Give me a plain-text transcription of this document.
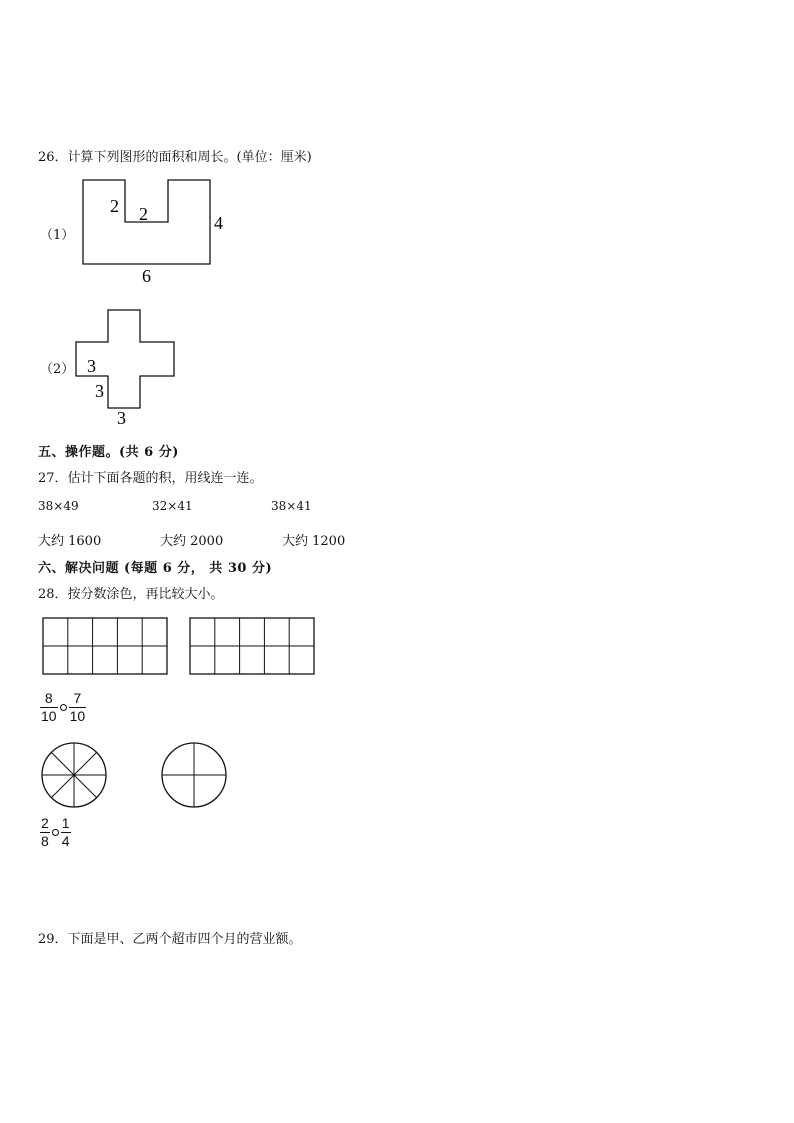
26．计算下列图形的面积和周长。(单位：厘米)
（1）
2 2	4
6
（2） 3
3
3
五、操作题。(共 6 分)
27．估计下面各题的积，用线连一连。
38×49	32×41	38×41
大约 1600	大约 2000	大约 1200
六、解决问题 (每题 6 分， 共 30 分)
28．按分数涂色，再比较大小。
$\frac{8}{10} \frac{7}{10}$
$\frac{2}{8} \frac{1}{4}$
29．下面是甲、乙两个超市四个月的营业额。
